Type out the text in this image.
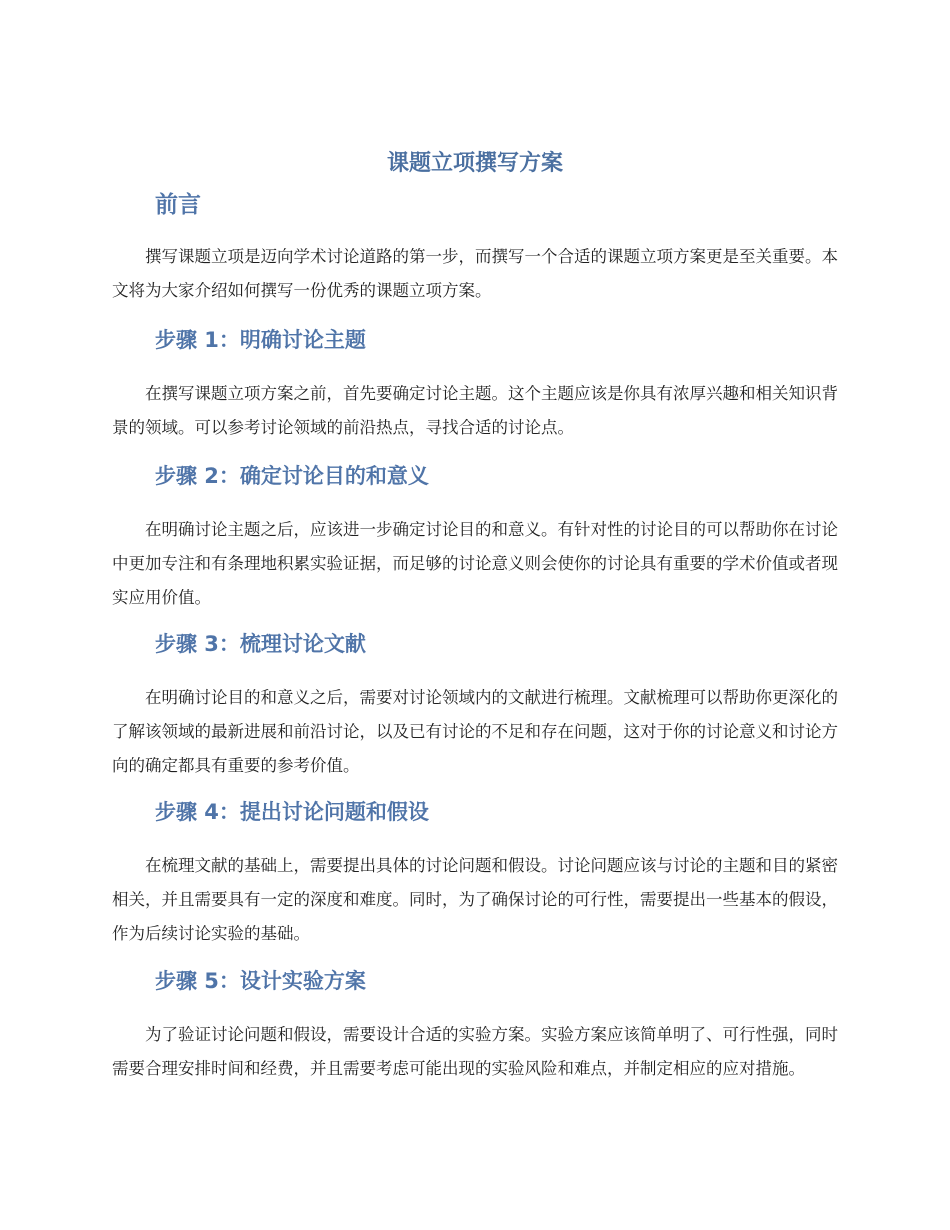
课题立项撰写方案
前言

撰写课题立项是迈向学术讨论道路的第一步，而撰写一个合适的课题立项方案更是至关重要。本文将为大家介绍如何撰写一份优秀的课题立项方案。

步骤 1：明确讨论主题

在撰写课题立项方案之前，首先要确定讨论主题。这个主题应该是你具有浓厚兴趣和相关知识背景的领域。可以参考讨论领域的前沿热点，寻找合适的讨论点。

步骤 2：确定讨论目的和意义

在明确讨论主题之后，应该进一步确定讨论目的和意义。有针对性的讨论目的可以帮助你在讨论中更加专注和有条理地积累实验证据，而足够的讨论意义则会使你的讨论具有重要的学术价值或者现实应用价值。

步骤 3：梳理讨论文献

在明确讨论目的和意义之后，需要对讨论领域内的文献进行梳理。文献梳理可以帮助你更深化的了解该领域的最新进展和前沿讨论，以及已有讨论的不足和存在问题，这对于你的讨论意义和讨论方向的确定都具有重要的参考价值。

步骤 4：提出讨论问题和假设

在梳理文献的基础上，需要提出具体的讨论问题和假设。讨论问题应该与讨论的主题和目的紧密相关，并且需要具有一定的深度和难度。同时，为了确保讨论的可行性，需要提出一些基本的假设，作为后续讨论实验的基础。

步骤 5：设计实验方案

为了验证讨论问题和假设，需要设计合适的实验方案。实验方案应该简单明了、可行性强，同时需要合理安排时间和经费，并且需要考虑可能出现的实验风险和难点，并制定相应的应对措施。
